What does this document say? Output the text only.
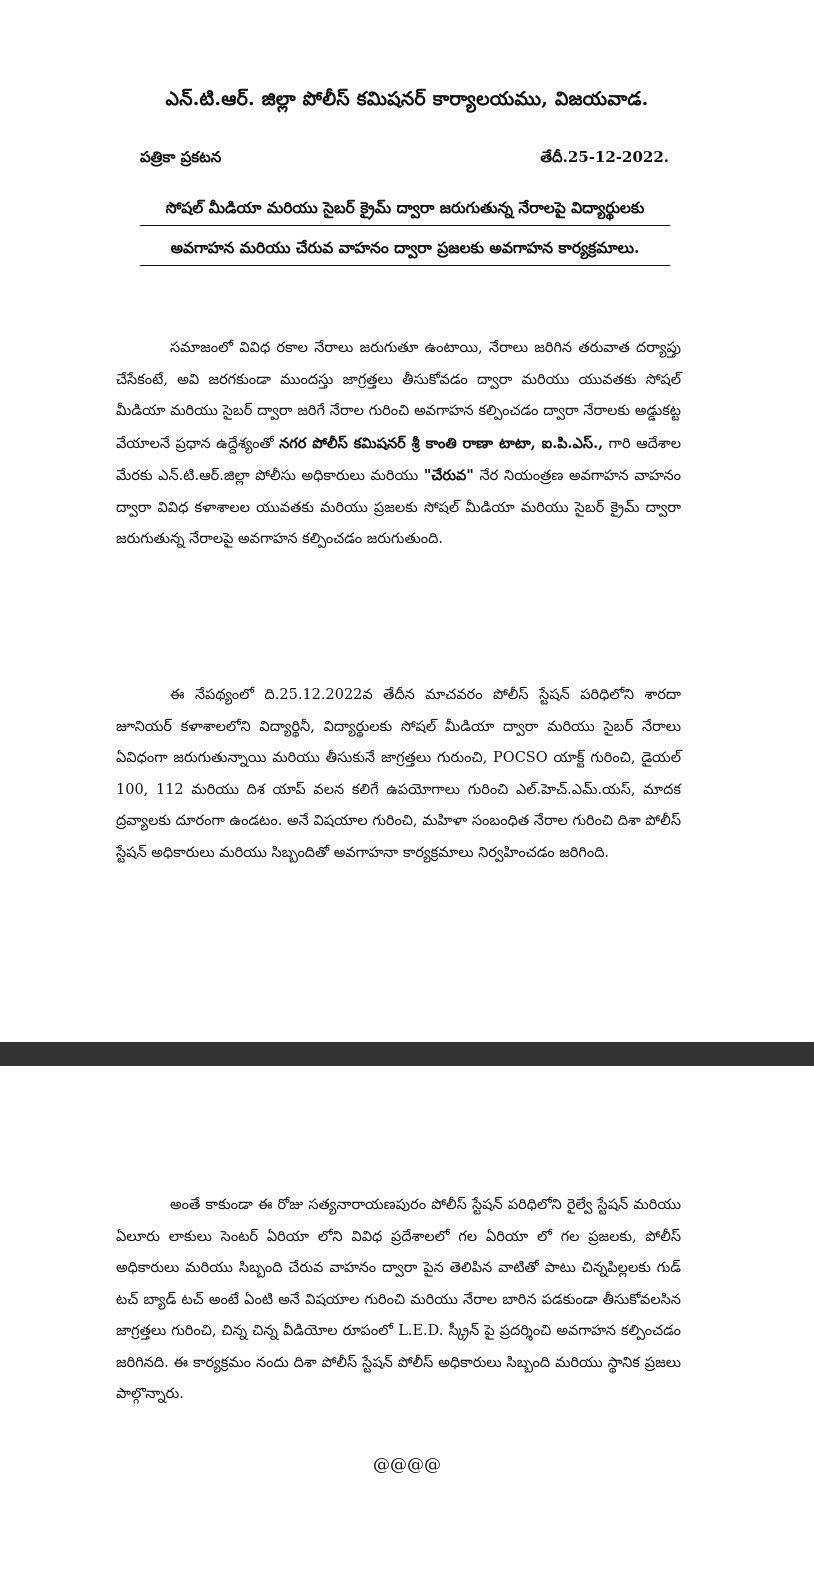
ఎన్.టి.ఆర్. జిల్లా పోలీస్ కమిషనర్ కార్యాలయము, విజయవాడ.
పత్రికా ప్రకటన	తేదీ.25-12-2022.
సోషల్ మీడియా మరియు సైబర్ క్రైమ్ ద్వారా జరుగుతున్న నేరాలపై విద్యార్థులకు
అవగాహన మరియు చేరువ వాహనం ద్వారా ప్రజలకు అవగాహన కార్యక్రమాలు.
సమాజంలో వివిధ రకాల నేరాలు జరుగుతూ ఉంటాయి, నేరాలు జరిగిన తరువాత దర్యాప్తు చేసేకంటే, అవి జరగకుండా ముందస్తు జాగ్రత్తలు తీసుకోవడం ద్వారా మరియు యువతకు సోషల్ మీడియా మరియు సైబర్ ద్వారా జరిగే నేరాల గురించి అవగాహన కల్పించడం ద్వారా నేరాలకు అడ్డుకట్ట వేయాలనే ప్రధాన ఉద్దేశ్యంతో నగర పోలీస్ కమిషనర్ శ్రీ కాంతి రాణా టాటా, ఐ.పి.ఎస్., గారి ఆదేశాల మేరకు ఎన్.టి.ఆర్.జిల్లా పోలీసు అధికారులు మరియు "చేరువ" నేర నియంత్రణ అవగాహన వాహనం ద్వారా వివిధ కళాశాలల యువతకు మరియు ప్రజలకు సోషల్ మీడియా మరియు సైబర్ క్రైమ్ ద్వారా జరుగుతున్న నేరాలపై అవగాహన కల్పించడం జరుగుతుంది.
ఈ నేపథ్యంలో ది.25.12.2022వ తేదీన మాచవరం పోలీస్ స్టేషన్ పరిధిలోని శారదా జూనియర్ కళాశాలలోని విద్యార్థినీ, విద్యార్థులకు సోషల్ మీడియా ద్వారా మరియు సైబర్ నేరాలు ఏవిధంగా జరుగుతున్నాయి మరియు తీసుకునే జాగ్రత్తలు గురుంచి, POCSO యాక్ట్ గురించి, డైయల్ 100, 112 మరియు దిశ యాప్ వలన కలిగే ఉపయోగాలు గురించి ఎల్.హెచ్.ఎమ్.యస్, మాదక ద్రవ్యాలకు దూరంగా ఉండటం. అనే విషయాల గురించి, మహిళా సంబంధిత నేరాల గురించి దిశా పోలీస్ స్టేషన్ అధికారులు మరియు సిబ్బందితో అవగాహనా కార్యక్రమాలు నిర్వహించడం జరిగింది.
అంతే కాకుండా ఈ రోజు సత్యనారాయణపురం పోలీస్ స్టేషన్ పరిధిలోని రైల్వే స్టేషన్ మరియు ఏలూరు లాకులు సెంటర్ ఏరియా లోని వివిధ ప్రదేశాలలో గల ఏరియా లో గల ప్రజలకు, పోలీస్ అధికారులు మరియు సిబ్బంది చేరువ వాహనం ద్వారా పైన తెలిపిన వాటితో పాటు చిన్నపిల్లలకు గుడ్ టచ్ బ్యాడ్ టచ్ అంటే ఏంటి అనే విషయాల గురించి మరియు నేరాల బారిన పడకుండా తీసుకోవలసిన జాగ్రత్తలు గురించి, చిన్న చిన్న వీడియోల రూపంలో L.E.D. స్క్రీన్ పై ప్రదర్శించి అవగాహన కల్పించడం జరిగినది. ఈ కార్యక్రమం నందు దిశా పోలీస్ స్టేషన్ పోలీస్ అధికారులు సిబ్బంది మరియు స్థానిక ప్రజలు పాల్గొన్నారు.
@@@@
